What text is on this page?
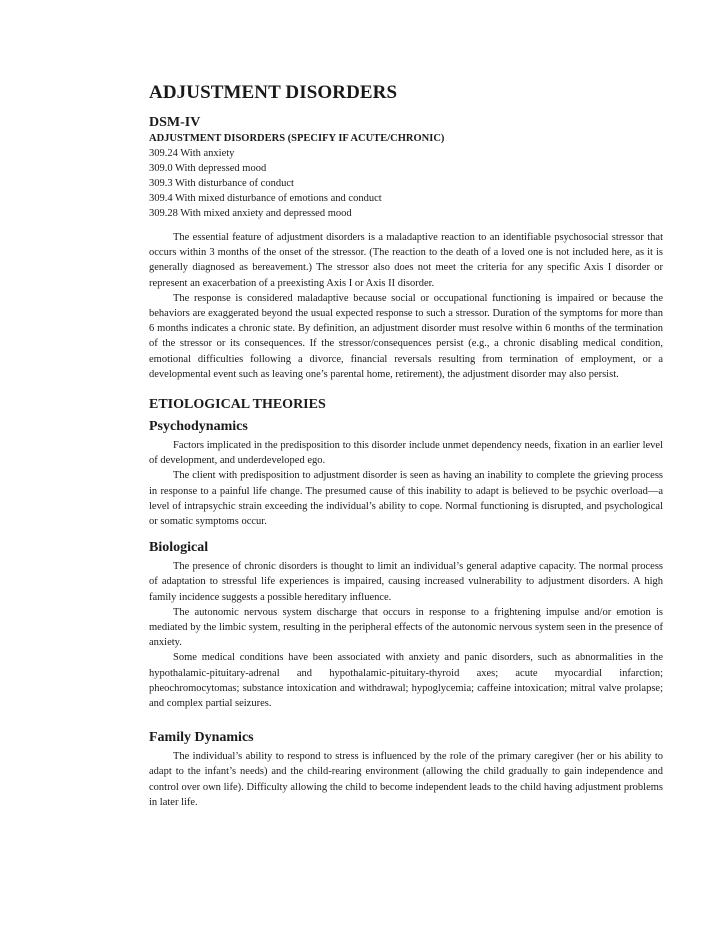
ADJUSTMENT DISORDERS
DSM-IV
ADJUSTMENT DISORDERS (SPECIFY IF ACUTE/CHRONIC)
309.24 With anxiety
309.0 With depressed mood
309.3 With disturbance of conduct
309.4 With mixed disturbance of emotions and conduct
309.28 With mixed anxiety and depressed mood

The essential feature of adjustment disorders is a maladaptive reaction to an identifiable psychosocial stressor that occurs within 3 months of the onset of the stressor. (The reaction to the death of a loved one is not included here, as it is generally diagnosed as bereavement.) The stressor also does not meet the criteria for any specific Axis I disorder or represent an exacerbation of a preexisting Axis I or Axis II disorder.

The response is considered maladaptive because social or occupational functioning is impaired or because the behaviors are exaggerated beyond the usual expected response to such a stressor. Duration of the symptoms for more than 6 months indicates a chronic state. By definition, an adjustment disorder must resolve within 6 months of the termination of the stressor or its consequences. If the stressor/consequences persist (e.g., a chronic disabling medical condition, emotional difficulties following a divorce, financial reversals resulting from termination of employment, or a developmental event such as leaving one’s parental home, retirement), the adjustment disorder may also persist.

ETIOLOGICAL THEORIES
Psychodynamics

Factors implicated in the predisposition to this disorder include unmet dependency needs, fixation in an earlier level of development, and underdeveloped ego.

The client with predisposition to adjustment disorder is seen as having an inability to complete the grieving process in response to a painful life change. The presumed cause of this inability to adapt is believed to be psychic overload—a level of intrapsychic strain exceeding the individual’s ability to cope. Normal functioning is disrupted, and psychological or somatic symptoms occur.

Biological

The presence of chronic disorders is thought to limit an individual’s general adaptive capacity. The normal process of adaptation to stressful life experiences is impaired, causing increased vulnerability to adjustment disorders. A high family incidence suggests a possible hereditary influence.

The autonomic nervous system discharge that occurs in response to a frightening impulse and/or emotion is mediated by the limbic system, resulting in the peripheral effects of the autonomic nervous system seen in the presence of anxiety.

Some medical conditions have been associated with anxiety and panic disorders, such as abnormalities in the hypothalamic-pituitary-adrenal and hypothalamic-pituitary-thyroid axes; acute myocardial infarction; pheochromocytomas; substance intoxication and withdrawal; hypoglycemia; caffeine intoxication; mitral valve prolapse; and complex partial seizures.

Family Dynamics

The individual’s ability to respond to stress is influenced by the role of the primary caregiver (her or his ability to adapt to the infant’s needs) and the child-rearing environment (allowing the child gradually to gain independence and control over own life). Difficulty allowing the child to become independent leads to the child having adjustment problems in later life.
